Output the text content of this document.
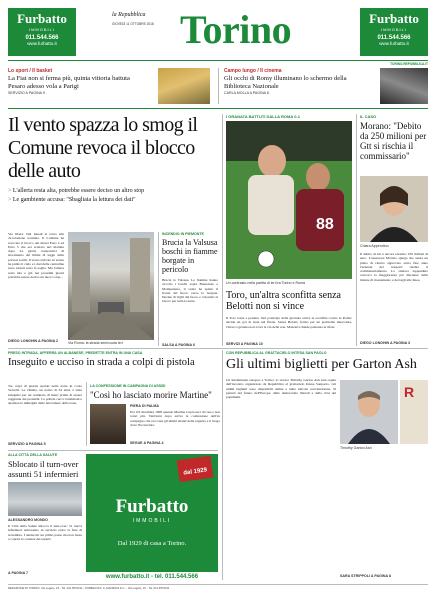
Furbatto
IMMOBILI
011.544.566
www.furbatto.it
la Repubblica
GIOVEDÌ 11 OTTOBRE 2018 Torino	Furbatto
IMMOBILI
011.544.566
www.furbatto.it
TORINO.REPUBBLICA.IT
Lo sport / Il basket
La Fiat non si ferma più, quinta vittoria battuta Pesaro adesso vola a Parigi
SERVIZIO A PAGINA 9
Campo lungo / Il cinema
Gli occhi di Romy illuminano lo schermo della Biblioteca Nazionale
CARLA MOLLA A PAGINA 8
Il vento spazza lo smog il Comune revoca il blocco delle auto
> L'allerta resta alta, potrebbe essere deciso un altro stop
> Le gambiente accusa: "Sbagliata la lettura dei dati"
Via libera. Dal lunedì si torna alla circolazione normale. Il Comune ha revocato il blocco dei diesel Euro 4 ed Euro 5 che era scattato ieri mattina dopo tre giorni consecutivi di sforamento del limite di legge delle polveri sottili. Il vento arrivato in serata ha pulito il cielo e i dati delle centraline sono tornati sotto la soglia. Ma l'allerta resta alta e già nei prossimi giorni potrebbe essere deciso un nuovo stop...
DIEGO LONGHIN A PAGINA 2	Via Roma: la strada semivuota ieri
INCENDIO IN PIEMONTE
Brucia la Valsusa boschi in fiamme borgate in pericolo
Brucia la Valsusa. Le fiamme hanno avvolto i boschi sopra Bussoleno e Mompantero, il vento ha spinto il fronte del fuoco verso le borgate. Decine di vigili del fuoco e volontari al lavoro per tutta la notte.
SALSA A PAGINA 6
I GRANATA BATTUTI DALLA ROMA 0-1
88
Un contrasto nella partita di ieri tra Torino e Roma
Toro, un'altra sconfitta senza Belotti non si vince
Il Toro torna a perdere. Nel posticipo della giornata arriva la sconfitta contro la Roma: decide un gol di testa nel finale. Senza Belotti, fermo per un problema muscolare, l'attacco granata non trova la via della rete. Mazzarri chiede pazienza ai tifosi.
SERVIZI A PAGINA 10
IL CASO
Morano: "Debito da 250 milioni per Gtt si rischia il commissario"
Chiara Appendino
Il debito di Gtt è ancora enorme: 250 milioni di euro. L'assessore Morano spiega che senza un piano di rientro approvato entro fine anno l'azienda dei trasporti rischia il commissariamento. La sindaca Appendino convoca la maggioranza per discutere delle misure di risanamento e dei tagli alle linee.
DIEGO LONGHIN A PAGINA 3
PRESO INTRADA, AFFERRA UN ALBANESE, PREDETTE ENTRA IN UNA CASA
Inseguito e ucciso in strada a colpi di pistola
Tre colpi di pistola sparati nella notte in corso Vercelli. La vittima, un uomo di 34 anni, è stata inseguita per un centinaio di metri prima di essere raggiunta dai proiettili. La polizia cerca i testimoni e analizza le immagini delle telecamere della zona.
SERVIZIO A PAGINA 5
LA CONFESSIONE IN CAMPAGNA DI ASSISI
"Così ho lasciato morire Martine"
PIERA DI PALMA
Era il 6 dicembre 1999 quando Martine Capra uscì di casa e non tornò più. Vent'anni dopo arriva la confessione dell'ex compagno che racconta gli ultimi istanti della ragazza e il luogo dove l'ha lasciata.
SEGUE A PAGINA 4
CON REPUBBLICA AL GRATTACIELO INTESA SAN PAOLO
Gli ultimi biglietti per Garton Ash
Un intellettuale europeo a Torino: lo storico Timothy Garton Ash sarà ospite dell'incontro organizzato da Repubblica al grattacielo Intesa Sanpaolo. Gli ultimi biglietti sono disponibili online e nelle edicole convenzionate. Si parlerà del futuro dell'Europa, delle democrazie liberali e della crisi dei populismi.	R
Timothy Garton Ash
SARA STRIPPOLI A PAGINA 8
ALLA CITTÀ DELLA SALUTE
Sblocato il turn-over assunti 51 infermieri
ALESSANDRO MONDO
Il Città della Salute sblocca il turn-over: 51 nuovi infermieri entreranno in servizio entro la fine di novembre. I sindacati: un primo passo ma non basta a coprire le carenze dei reparti.
A PAGINA 7
dal 1929
Furbatto
IMMOBILI
Dal 1929 di casa a Torino.
www.furbatto.it - tel. 011.544.566
REDAZIONE DI TORINO: Via Lugaro, 15 - Tel. 011.6570211 - PUBBLICITÀ: A. MANZONI & C. - Via Lugaro, 15 - Tel. 011.6570211
